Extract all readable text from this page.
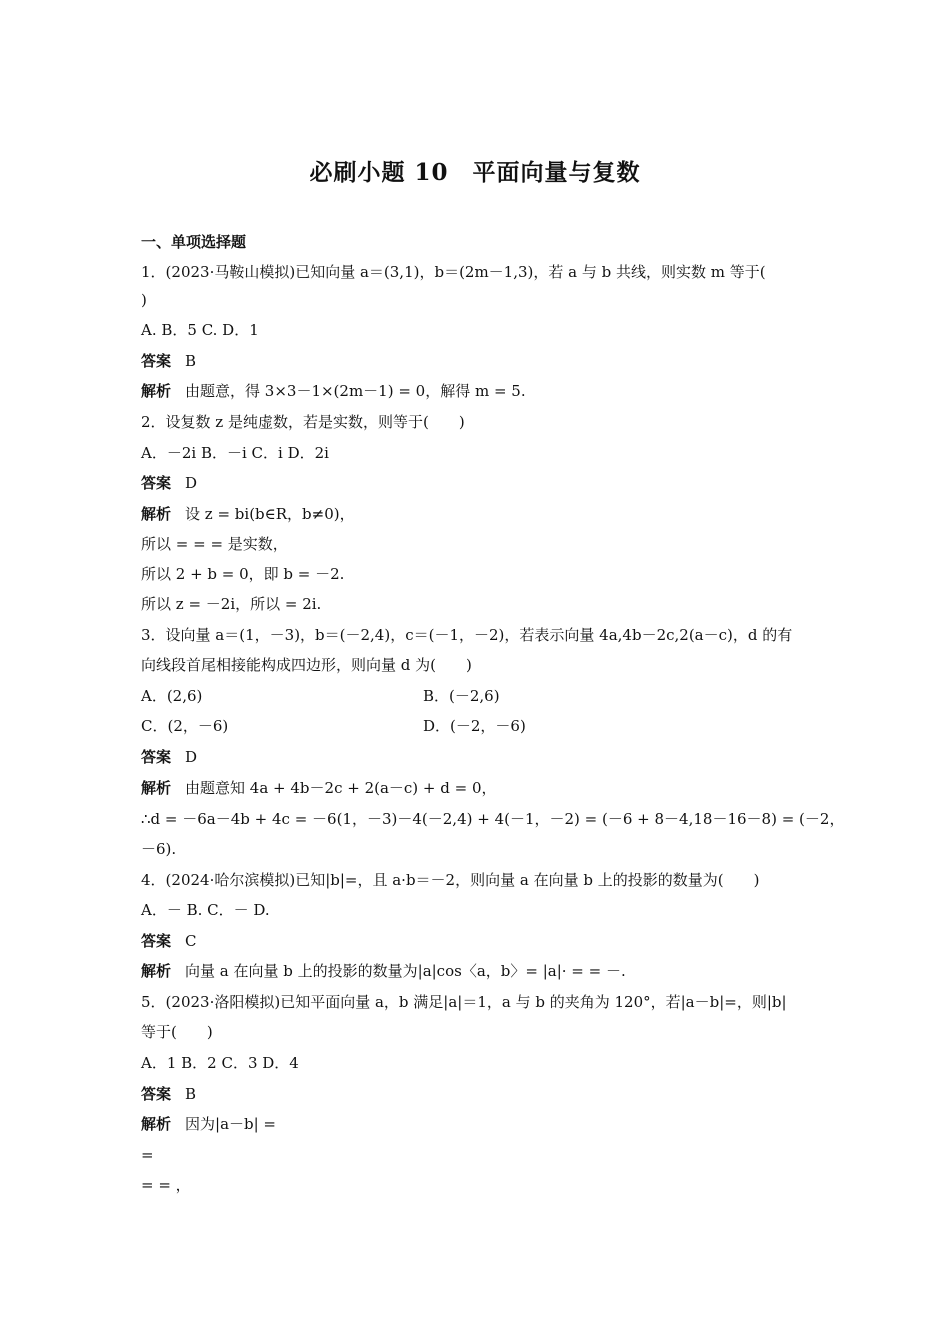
必刷小题 10　平面向量与复数
一、单项选择题
1．(2023·马鞍山模拟)已知向量 a＝(3,1)，b＝(2m－1,3)，若 a 与 b 共线，则实数 m 等于(
)
A. B．5 C. D．1
答案 B
解析 由题意，得 3×3－1×(2m－1) = 0，解得 m = 5.
2．设复数 z 是纯虚数，若是实数，则等于(　　)
A．－2i B．－i C．i D．2i
答案 D
解析 设 z = bi(b∈R，b≠0)，
所以 = = = 是实数，
所以 2 + b = 0，即 b = －2.
所以 z = －2i，所以 = 2i.
3．设向量 a＝(1，－3)，b＝(－2,4)，c＝(－1，－2)，若表示向量 4a,4b－2c,2(a－c)，d 的有
向线段首尾相接能构成四边形，则向量 d 为(　　)
A．(2,6)	B．(－2,6)
C．(2，－6)	D．(－2，－6)
答案 D
解析 由题意知 4a + 4b－2c + 2(a－c) + d = 0，
∴d = －6a－4b + 4c = －6(1，－3)－4(－2,4) + 4(－1，－2) = (－6 + 8－4,18－16－8) = (－2，
－6).
4．(2024·哈尔滨模拟)已知|b|=，且 a·b＝－2，则向量 a 在向量 b 上的投影的数量为(　　)
A．－ B. C．－ D.
答案 C
解析 向量 a 在向量 b 上的投影的数量为|a|cos〈a，b〉= |a|· = = －.
5．(2023·洛阳模拟)已知平面向量 a，b 满足|a|＝1，a 与 b 的夹角为 120°，若|a－b|=，则|b|
等于(　　)
A．1 B．2 C．3 D．4
答案 B
解析 因为|a－b| =
=
= = ，
